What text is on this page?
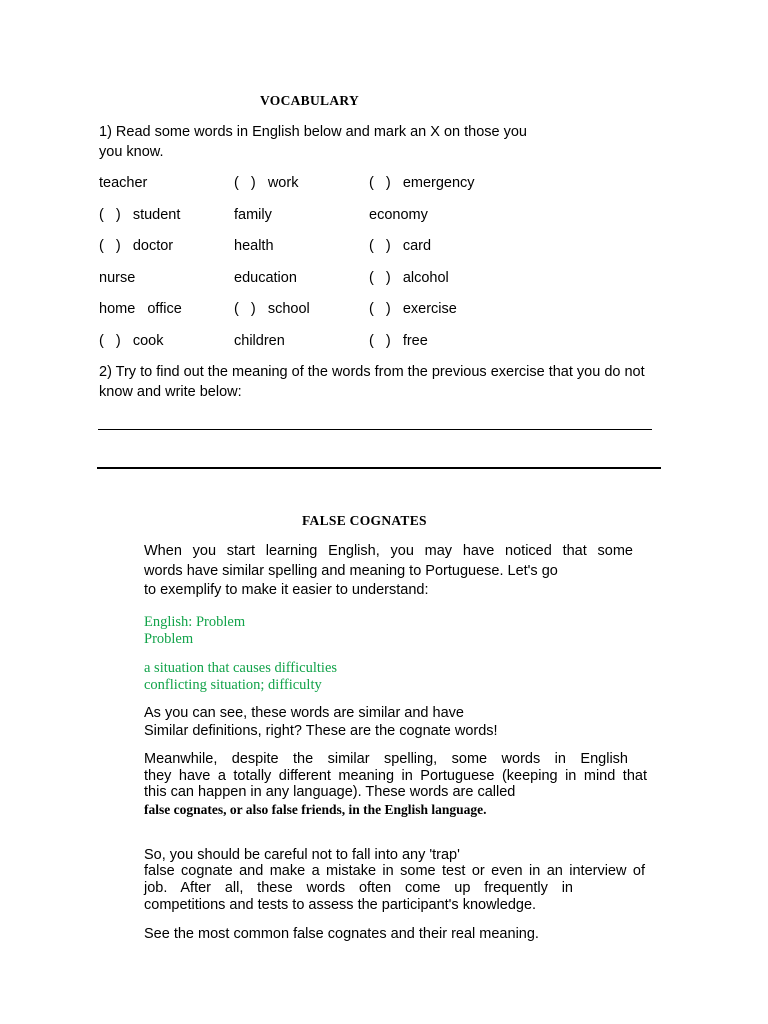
VOCABULARY
1) Read some words in English below and mark an X on those you
you know.
teacher	(   )   work	(   )   emergency
(   )   student	family	economy
(   )   doctor	health	(   )   card
nurse	education	(   )   alcohol
home   office	(   )   school	(   )   exercise
(   )   cook	children	(   )   free
2) Try to find out the meaning of the words from the previous exercise that you do not
know and write below:
FALSE COGNATES
When you start learning English, you may have noticed that some
words have similar spelling and meaning to Portuguese. Let's go
to exemplify to make it easier to understand:
English: Problem
Problem
a situation that causes difficulties
conflicting situation; difficulty
As you can see, these words are similar and have
Similar definitions, right? These are the cognate words!
Meanwhile, despite the similar spelling, some words in English
they have a totally different meaning in Portuguese (keeping in mind that
this can happen in any language). These words are called
false cognates, or also false friends, in the English language.
So, you should be careful not to fall into any 'trap'
false cognate and make a mistake in some test or even in an interview of
job. After all, these words often come up frequently in
competitions and tests to assess the participant's knowledge.
See the most common false cognates and their real meaning.
